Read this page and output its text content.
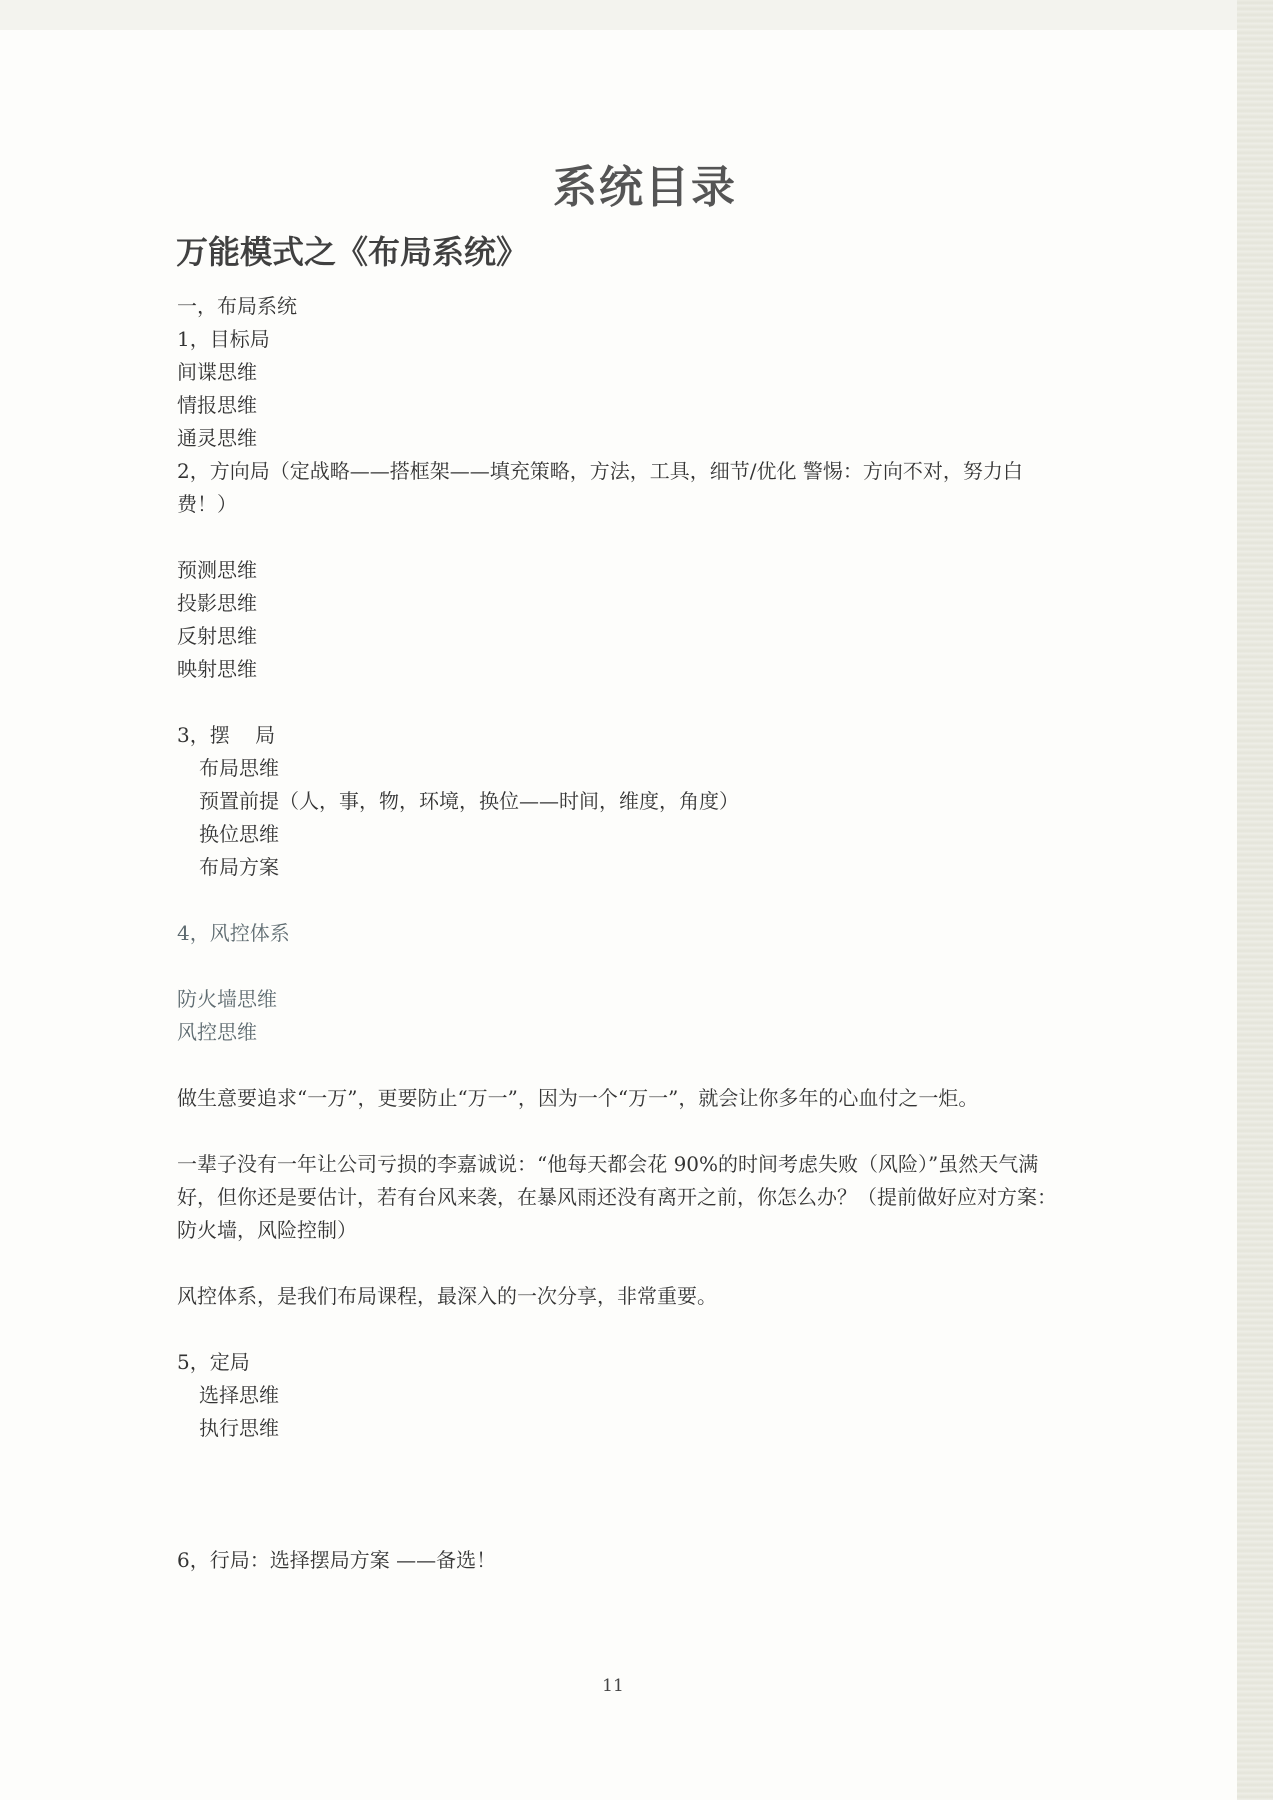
系统目录
万能模式之《布局系统》
一，布局系统
1，目标局
间谍思维
情报思维
通灵思维
2，方向局（定战略——搭框架——填充策略，方法，工具，细节/优化 警惕：方向不对，努力白费！）
预测思维
投影思维
反射思维
映射思维
3，摆    局
布局思维
预置前提（人，事，物，环境，换位——时间，维度，角度）
换位思维
布局方案
4，风控体系
防火墙思维
风控思维
做生意要追求“一万”，更要防止“万一”，因为一个“万一”，就会让你多年的心血付之一炬。
一辈子没有一年让公司亏损的李嘉诚说：“他每天都会花 90%的时间考虑失败（风险）”虽然天气满好，但你还是要估计，若有台风来袭，在暴风雨还没有离开之前，你怎么办？（提前做好应对方案：防火墙，风险控制）
风控体系，是我们布局课程，最深入的一次分享，非常重要。
5，定局
选择思维
执行思维
6，行局：选择摆局方案 ——备选！
11
